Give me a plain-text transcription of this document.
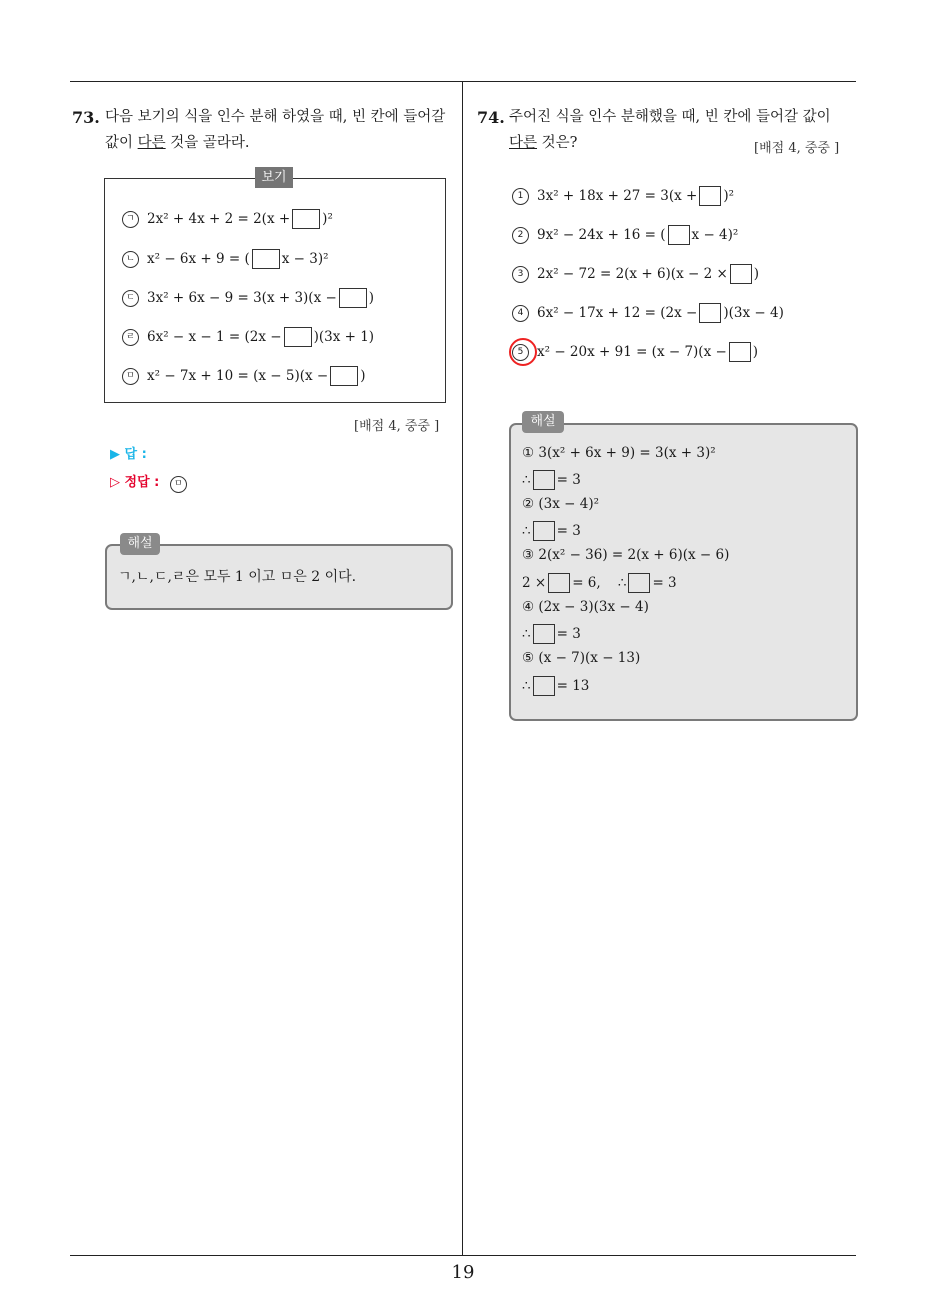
19
73. 다음 보기의 식을 인수 분해 하였을 때, 빈 칸에 들어갈
값이 다른 것을 골라라.
보기
ㄱ 2x² + 4x + 2 = 2(x + )²
ㄴ x² − 6x + 9 = ( x − 3)²
ㄷ 3x² + 6x − 9 = 3(x + 3)(x − )
ㄹ 6x² − x − 1 = (2x − )(3x + 1)
ㅁ x² − 7x + 10 = (x − 5)(x − )
[배점 4, 중중 ]
▶ 답 :
▷ 정답 : ㅁ
해설
ㄱ,ㄴ,ㄷ,ㄹ은 모두 1 이고 ㅁ은 2 이다.
74. 주어진 식을 인수 분해했을 때, 빈 칸에 들어갈 값이
다른 것은?	[배점 4, 중중 ]
1	3x² + 18x + 27 = 3(x + )²
2	9x² − 24x + 16 = ( x − 4)²
3	2x² − 72 = 2(x + 6)(x − 2 × )
4	6x² − 17x + 12 = (2x − )(3x − 4)
5	x² − 20x + 91 = (x − 7)(x − )
해설
① 3(x² + 6x + 9) = 3(x + 3)²
∴ = 3
② (3x − 4)²
∴ = 3
③ 2(x² − 36) = 2(x + 6)(x − 6)
2 × = 6,    ∴ = 3
④ (2x − 3)(3x − 4)
∴ = 3
⑤ (x − 7)(x − 13)
∴ = 13
